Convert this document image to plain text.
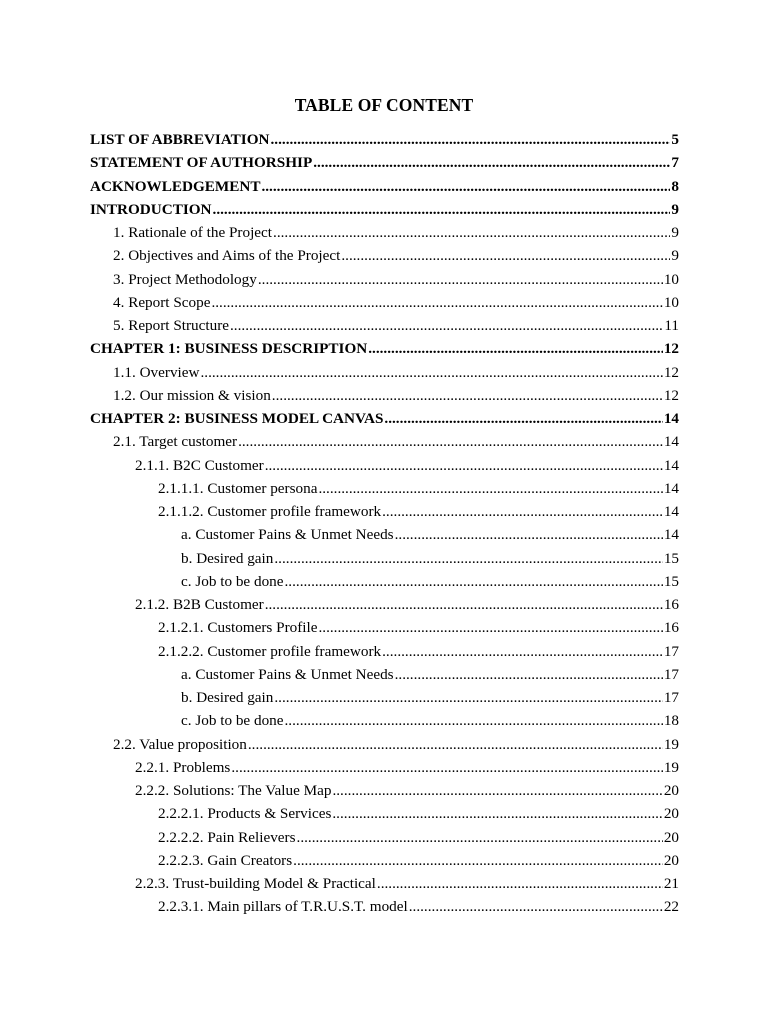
TABLE OF CONTENT
LIST OF ABBREVIATION .....	5
STATEMENT OF AUTHORSHIP .....	7
ACKNOWLEDGEMENT .....	8
INTRODUCTION .....	9
1. Rationale of the Project .....	9
2. Objectives and Aims of the Project .....	9
3. Project Methodology .....	10
4. Report Scope .....	10
5. Report Structure .....	11
CHAPTER 1: BUSINESS DESCRIPTION .....	12
1.1. Overview .....	12
1.2. Our mission & vision .....	12
CHAPTER 2: BUSINESS MODEL CANVAS .....	14
2.1. Target customer .....	14
2.1.1. B2C Customer .....	14
2.1.1.1. Customer persona .....	14
2.1.1.2. Customer profile framework .....	14
a. Customer Pains & Unmet Needs .....	14
b. Desired gain .....	15
c. Job to be done .....	15
2.1.2. B2B Customer .....	16
2.1.2.1. Customers Profile .....	16
2.1.2.2. Customer profile framework .....	17
a. Customer Pains & Unmet Needs .....	17
b. Desired gain .....	17
c. Job to be done .....	18
2.2. Value proposition .....	19
2.2.1. Problems .....	19
2.2.2. Solutions: The Value Map .....	20
2.2.2.1. Products & Services .....	20
2.2.2.2. Pain Relievers .....	20
2.2.2.3. Gain Creators .....	20
2.2.3. Trust-building Model & Practical .....	21
2.2.3.1. Main pillars of T.R.U.S.T. model .....	22
